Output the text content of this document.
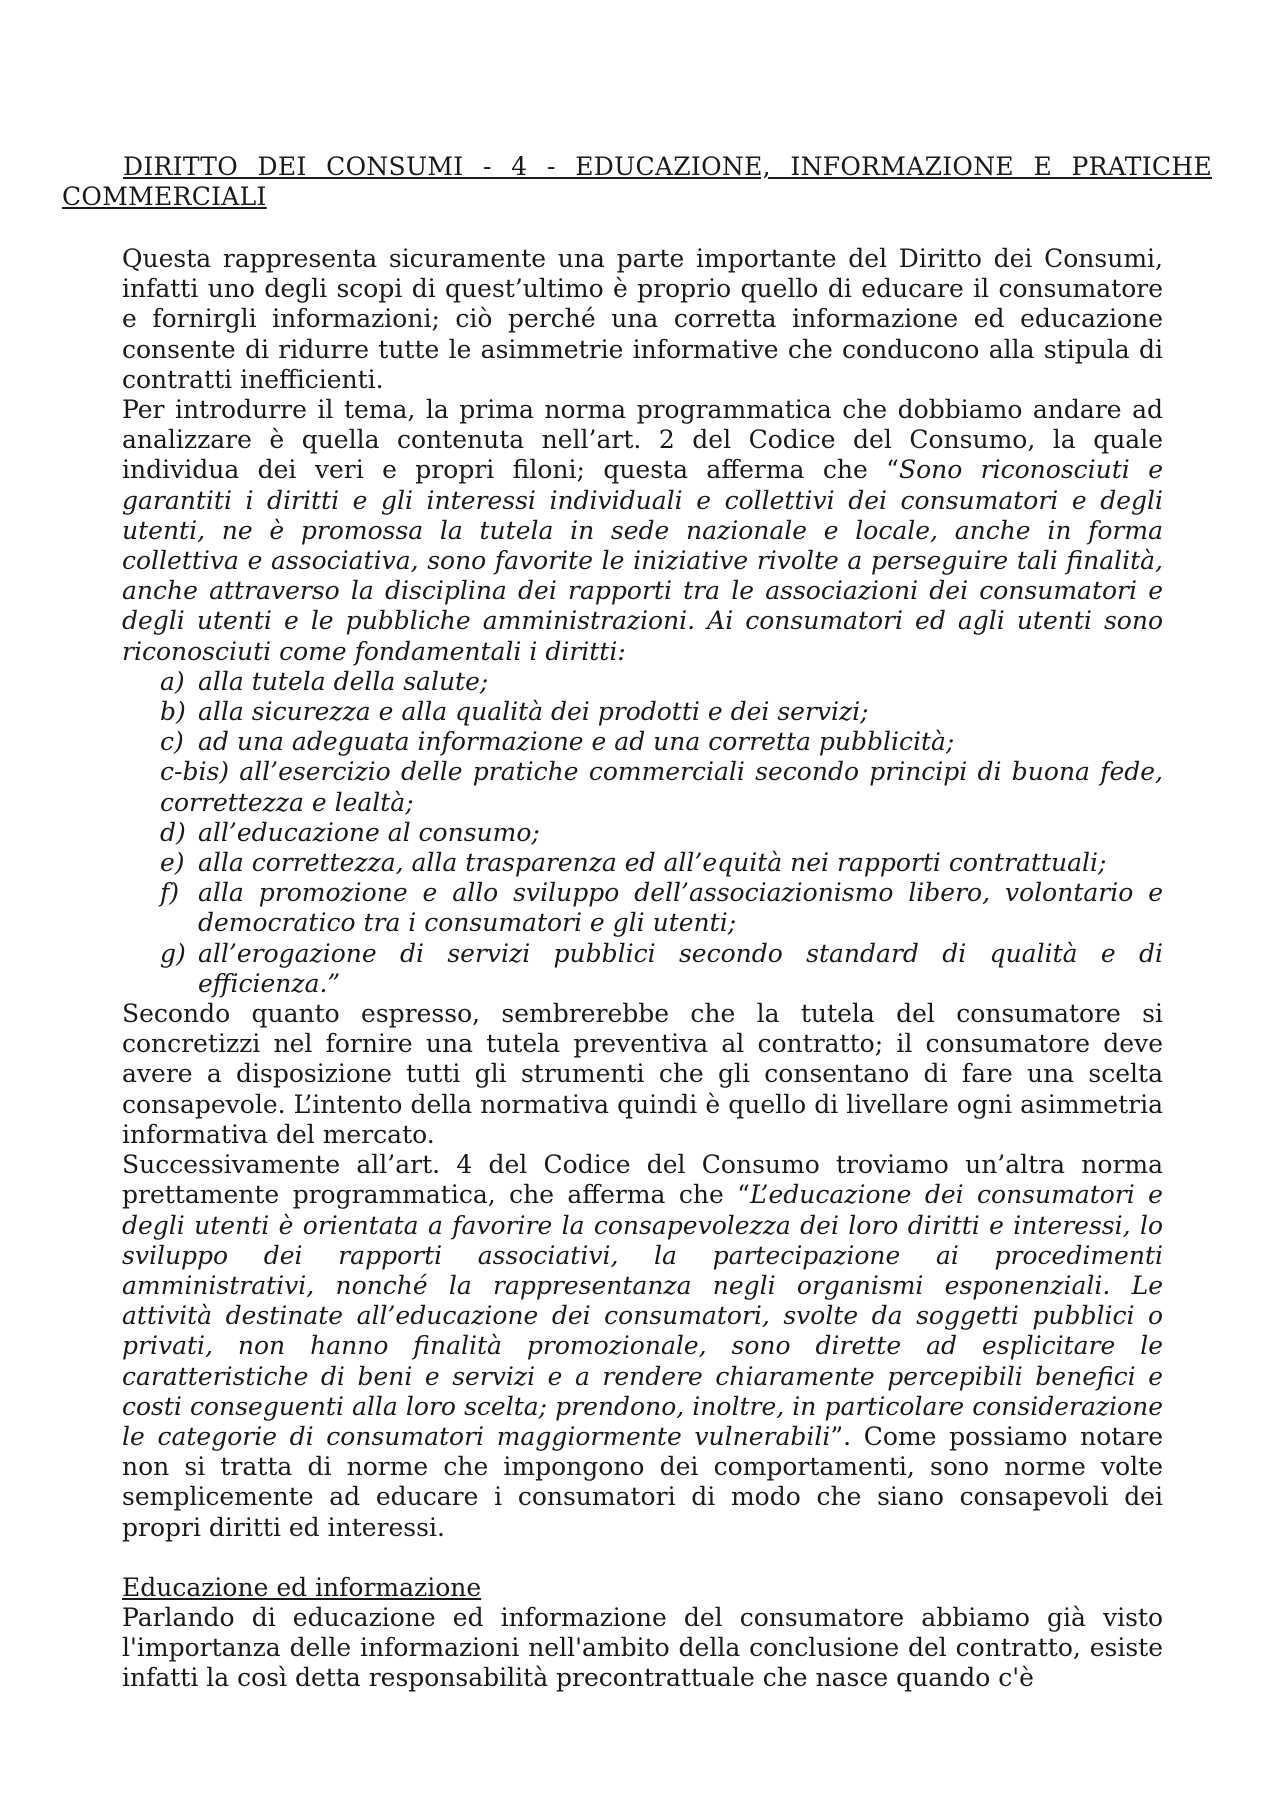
DIRITTO DEI CONSUMI - 4 - EDUCAZIONE, INFORMAZIONE E PRATICHE
COMMERCIALI

Questa rappresenta sicuramente una parte importante del Diritto dei Consumi, infatti uno degli scopi di quest’ultimo è proprio quello di educare il consumatore e fornirgli informazioni; ciò perché una corretta informazione ed educazione consente di ridurre tutte le asimmetrie informative che conducono alla stipula di contratti inefficienti.

Per introdurre il tema, la prima norma programmatica che dobbiamo andare ad analizzare è quella contenuta nell’art. 2 del Codice del Consumo, la quale individua dei veri e propri filoni; questa afferma che “Sono riconosciuti e garantiti i diritti e gli interessi individuali e collettivi dei consumatori e degli utenti, ne è promossa la tutela in sede nazionale e locale, anche in forma collettiva e associativa, sono favorite le iniziative rivolte a perseguire tali finalità, anche attraverso la disciplina dei rapporti tra le associazioni dei consumatori e degli utenti e le pubbliche amministrazioni. Ai consumatori ed agli utenti sono riconosciuti come fondamentali i diritti:

a) alla tutela della salute;
b) alla sicurezza e alla qualità dei prodotti e dei servizi;
c) ad una adeguata informazione e ad una corretta pubblicità;
c-bis) all’esercizio delle pratiche commerciali secondo principi di buona fede, correttezza e lealtà;
d) all’educazione al consumo;
e) alla correttezza, alla trasparenza ed all’equità nei rapporti contrattuali;
f) alla promozione e allo sviluppo dell’associazionismo libero, volontario e democratico tra i consumatori e gli utenti;
g) all’erogazione di servizi pubblici secondo standard di qualità e di efficienza.”

Secondo quanto espresso, sembrerebbe che la tutela del consumatore si concretizzi nel fornire una tutela preventiva al contratto; il consumatore deve avere a disposizione tutti gli strumenti che gli consentano di fare una scelta consapevole. L’intento della normativa quindi è quello di livellare ogni asimmetria informativa del mercato.

Successivamente all’art. 4 del Codice del Consumo troviamo un’altra norma prettamente programmatica, che afferma che “L’educazione dei consumatori e degli utenti è orientata a favorire la consapevolezza dei loro diritti e interessi, lo sviluppo dei rapporti associativi, la partecipazione ai procedimenti amministrativi, nonché la rappresentanza negli organismi esponenziali. Le attività destinate all’educazione dei consumatori, svolte da soggetti pubblici o privati, non hanno finalità promozionale, sono dirette ad esplicitare le caratteristiche di beni e servizi e a rendere chiaramente percepibili benefici e costi conseguenti alla loro scelta; prendono, inoltre, in particolare considerazione le categorie di consumatori maggiormente vulnerabili”. Come possiamo notare non si tratta di norme che impongono dei comportamenti, sono norme volte semplicemente ad educare i consumatori di modo che siano consapevoli dei propri diritti ed interessi.

Educazione ed informazione

Parlando di educazione ed informazione del consumatore abbiamo già visto l'importanza delle informazioni nell'ambito della conclusione del contratto, esiste infatti la così detta responsabilità precontrattuale che nasce quando c'è
